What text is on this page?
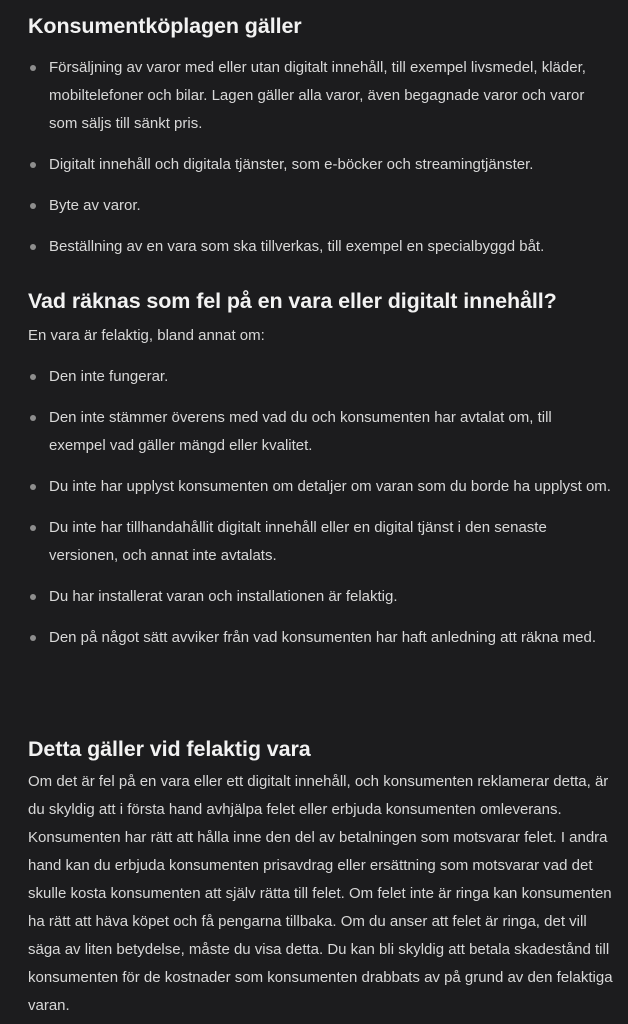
Konsumentköplagen gäller
Försäljning av varor med eller utan digitalt innehåll, till exempel livsmedel, kläder, mobiltelefoner och bilar. Lagen gäller alla varor, även begagnade varor och varor som säljs till sänkt pris.
Digitalt innehåll och digitala tjänster, som e-böcker och streamingtjänster.
Byte av varor.
Beställning av en vara som ska tillverkas, till exempel en specialbyggd båt.
Vad räknas som fel på en vara eller digitalt innehåll?

En vara är felaktig, bland annat om:

Den inte fungerar.
Den inte stämmer överens med vad du och konsumenten har avtalat om, till exempel vad gäller mängd eller kvalitet.
Du inte har upplyst konsumenten om detaljer om varan som du borde ha upplyst om.
Du inte har tillhandahållit digitalt innehåll eller en digital tjänst i den senaste versionen, och annat inte avtalats.
Du har installerat varan och installationen är felaktig.
Den på något sätt avviker från vad konsumenten har haft anledning att räkna med.
Detta gäller vid felaktig vara

Om det är fel på en vara eller ett digitalt innehåll, och konsumenten reklamerar detta, är du skyldig att i första hand avhjälpa felet eller erbjuda konsumenten omleverans. Konsumenten har rätt att hålla inne den del av betalningen som motsvarar felet. I andra hand kan du erbjuda konsumenten prisavdrag eller ersättning som motsvarar vad det skulle kosta konsumenten att själv rätta till felet. Om felet inte är ringa kan konsumenten ha rätt att häva köpet och få pengarna tillbaka. Om du anser att felet är ringa, det vill säga av liten betydelse, måste du visa detta. Du kan bli skyldig att betala skadestånd till konsumenten för de kostnader som konsumenten drabbats av på grund av den felaktiga varan.
